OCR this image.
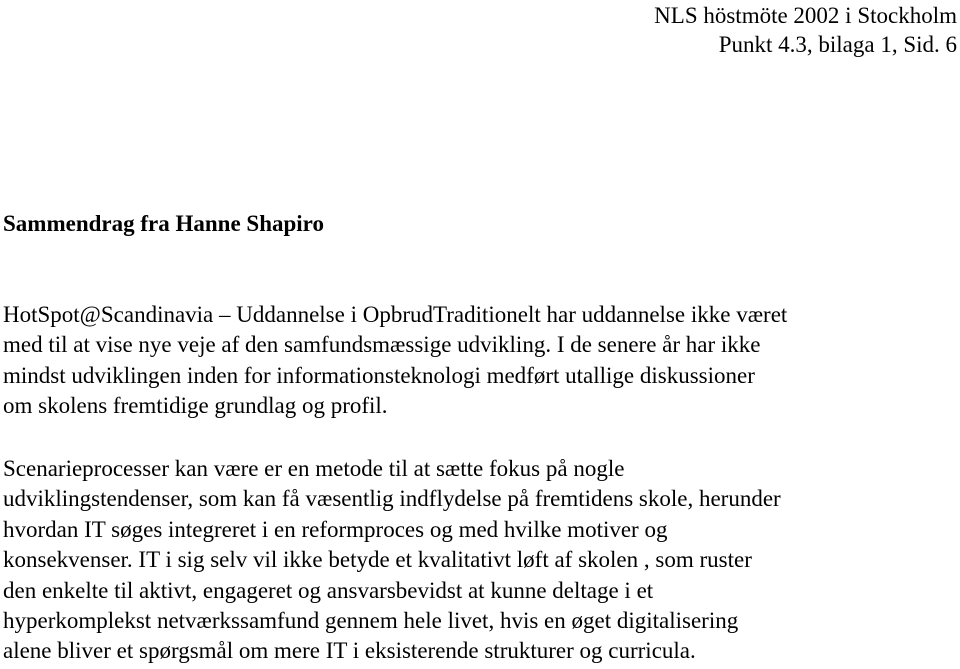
NLS höstmöte 2002 i Stockholm
Punkt 4.3, bilaga 1, Sid. 6
Sammendrag fra Hanne Shapiro
HotSpot@Scandinavia – Uddannelse i OpbrudTraditionelt har uddannelse ikke været
med til at vise nye veje af den samfundsmæssige udvikling. I de senere år har ikke
mindst udviklingen inden for informationsteknologi medført utallige diskussioner
om skolens fremtidige grundlag og profil.
Scenarieprocesser kan være er en metode til at sætte fokus på nogle
udviklingstendenser, som kan få væsentlig indflydelse på fremtidens skole, herunder
hvordan IT søges integreret i en reformproces og med hvilke motiver og
konsekvenser. IT i sig selv vil ikke betyde et kvalitativt løft af skolen , som ruster
den enkelte til aktivt, engageret og ansvarsbevidst at kunne deltage i et
hyperkomplekst netværkssamfund gennem hele livet, hvis en øget digitalisering
alene bliver et spørgsmål om mere IT i eksisterende strukturer og curricula.
